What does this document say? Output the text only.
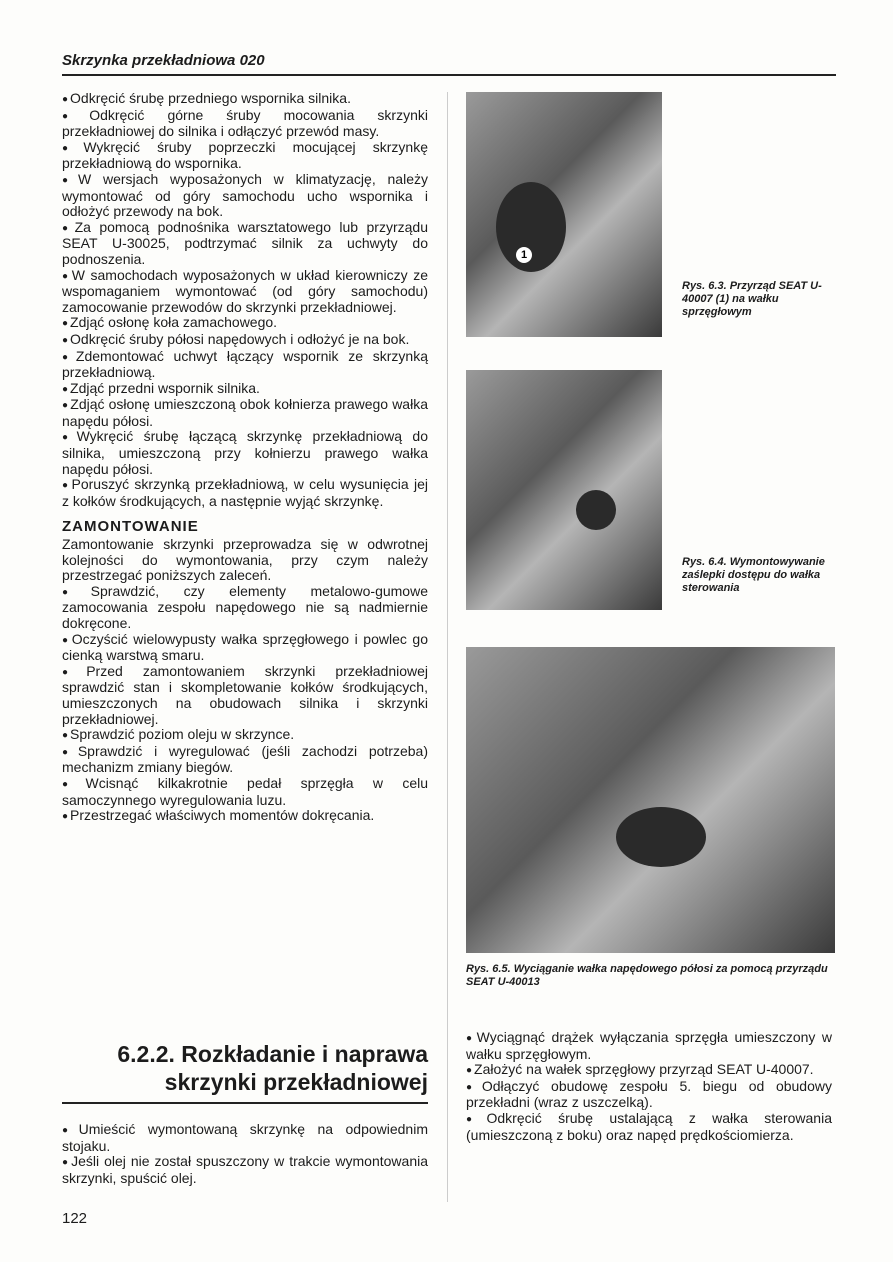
Skrzynka przekładniowa 020

● Odkręcić śrubę przedniego wspornika silnika.

● Odkręcić górne śruby mocowania skrzynki przekładniowej do silnika i odłączyć przewód masy.

● Wykręcić śruby poprzeczki mocującej skrzynkę przekładniową do wspornika.

● W wersjach wyposażonych w klimatyzację, należy wymontować od góry samochodu ucho wspornika i odłożyć przewody na bok.

● Za pomocą podnośnika warsztatowego lub przyrządu SEAT U-30025, podtrzymać silnik za uchwyty do podnoszenia.

● W samochodach wyposażonych w układ kierowniczy ze wspomaganiem wymontować (od góry samochodu) zamocowanie przewodów do skrzynki przekładniowej.

● Zdjąć osłonę koła zamachowego.

● Odkręcić śruby półosi napędowych i odłożyć je na bok.

● Zdemontować uchwyt łączący wspornik ze skrzynką przekładniową.

● Zdjąć przedni wspornik silnika.

● Zdjąć osłonę umieszczoną obok kołnierza prawego wałka napędu półosi.

● Wykręcić śrubę łączącą skrzynkę przekładniową do silnika, umieszczoną przy kołnierzu prawego wałka napędu półosi.

● Poruszyć skrzynką przekładniową, w celu wysunięcia jej z kołków środkujących, a następnie wyjąć skrzynkę.

ZAMONTOWANIE

Zamontowanie skrzynki przeprowadza się w odwrotnej kolejności do wymontowania, przy czym należy przestrzegać poniższych zaleceń.

● Sprawdzić, czy elementy metalowo-gumowe zamocowania zespołu napędowego nie są nadmiernie dokręcone.

● Oczyścić wielowypusty wałka sprzęgłowego i powlec go cienką warstwą smaru.

● Przed zamontowaniem skrzynki przekładniowej sprawdzić stan i skompletowanie kołków środkujących, umieszczonych na obudowach silnika i skrzynki przekładniowej.

● Sprawdzić poziom oleju w skrzynce.

● Sprawdzić i wyregulować (jeśli zachodzi potrzeba) mechanizm zmiany biegów.

● Wcisnąć kilkakrotnie pedał sprzęgła w celu samoczynnego wyregulowania luzu.

● Przestrzegać właściwych momentów dokręcania.

6.2.2. Rozkładanie i naprawa
skrzynki przekładniowej

● Umieścić wymontowaną skrzynkę na odpowiednim stojaku.

● Jeśli olej nie został spuszczony w trakcie wymontowania skrzynki, spuścić olej.

1
Rys. 6.3. Przyrząd SEAT U-40007 (1) na wałku sprzęgłowym
Rys. 6.4. Wymontowywanie zaślepki dostępu do wałka sterowania
Rys. 6.5. Wyciąganie wałka napędowego półosi za pomocą przyrządu SEAT U-40013

● Wyciągnąć drążek wyłączania sprzęgła umieszczony w wałku sprzęgłowym.

● Założyć na wałek sprzęgłowy przyrząd SEAT U-40007.

● Odłączyć obudowę zespołu 5. biegu od obudowy przekładni (wraz z uszczelką).

● Odkręcić śrubę ustalającą z wałka sterowania (umieszczoną z boku) oraz napęd prędkościomierza.

122
